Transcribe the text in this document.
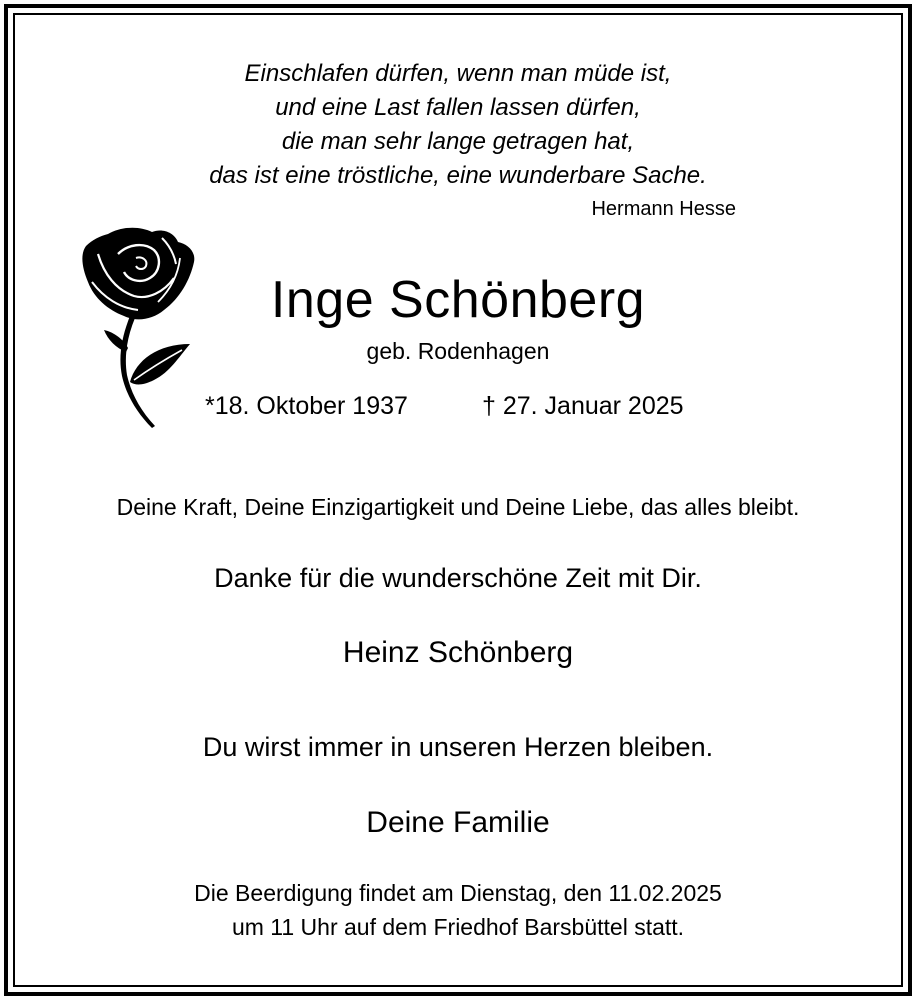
Einschlafen dürfen, wenn man müde ist,

und eine Last fallen lassen dürfen,

die man sehr lange getragen hat,

das ist eine tröstliche, eine wunderbare Sache.

Hermann Hesse

Inge Schönberg

geb. Rodenhagen

*18. Oktober 1937	† 27. Januar 2025

Deine Kraft, Deine Einzigartigkeit und Deine Liebe, das alles bleibt.

Danke für die wunderschöne Zeit mit Dir.

Heinz Schönberg

Du wirst immer in unseren Herzen bleiben.

Deine Familie

Die Beerdigung findet am Dienstag, den 11.02.2025

um 11 Uhr auf dem Friedhof Barsbüttel statt.
